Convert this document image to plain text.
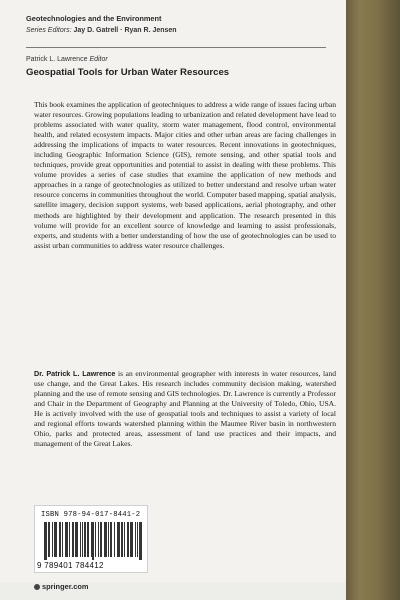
Geotechnologies and the Environment
Series Editors: Jay D. Gatrell · Ryan R. Jensen
Patrick L. Lawrence Editor
Geospatial Tools for Urban Water Resources

This book examines the application of geotechniques to address a wide range of issues facing urban water resources. Growing populations leading to urbanization and related development have lead to problems associated with water quality, storm water management, flood control, environmental health, and related ecosystem impacts. Major cities and other urban areas are facing challenges in addressing the implications of impacts to water resources. Recent innovations in geotechniques, including Geographic Information Science (GIS), remote sensing, and other spatial tools and techniques, provide great opportunities and potential to assist in dealing with these problems. This volume provides a series of case studies that examine the application of new methods and approaches in a range of geotechnologies as utilized to better understand and resolve urban water resource concerns in communities throughout the world. Computer based mapping, spatial analysis, satellite imagery, decision support systems, web based applications, aerial photography, and other methods are highlighted by their development and application. The research presented in this volume will provide for an excellent source of knowledge and learning to assist professionals, experts, and students with a better understanding of how the use of geotechnologies can be used to assist urban communities to address water resource challenges.

Dr. Patrick L. Lawrence is an environmental geographer with interests in water resources, land use change, and the Great Lakes. His research includes community decision making, watershed planning and the use of remote sensing and GIS technologies. Dr. Lawrence is currently a Professor and Chair in the Department of Geography and Planning at the University of Toledo, Ohio, USA. He is actively involved with the use of geospatial tools and techniques to assist a variety of local and regional efforts towards watershed planning within the Maumee River basin in northwestern Ohio, parks and protected areas, assessment of land use practices and their impacts, and management of the Great Lakes.

ISBN 978-94-017-8441-2
9 789401 784412
springer.com
